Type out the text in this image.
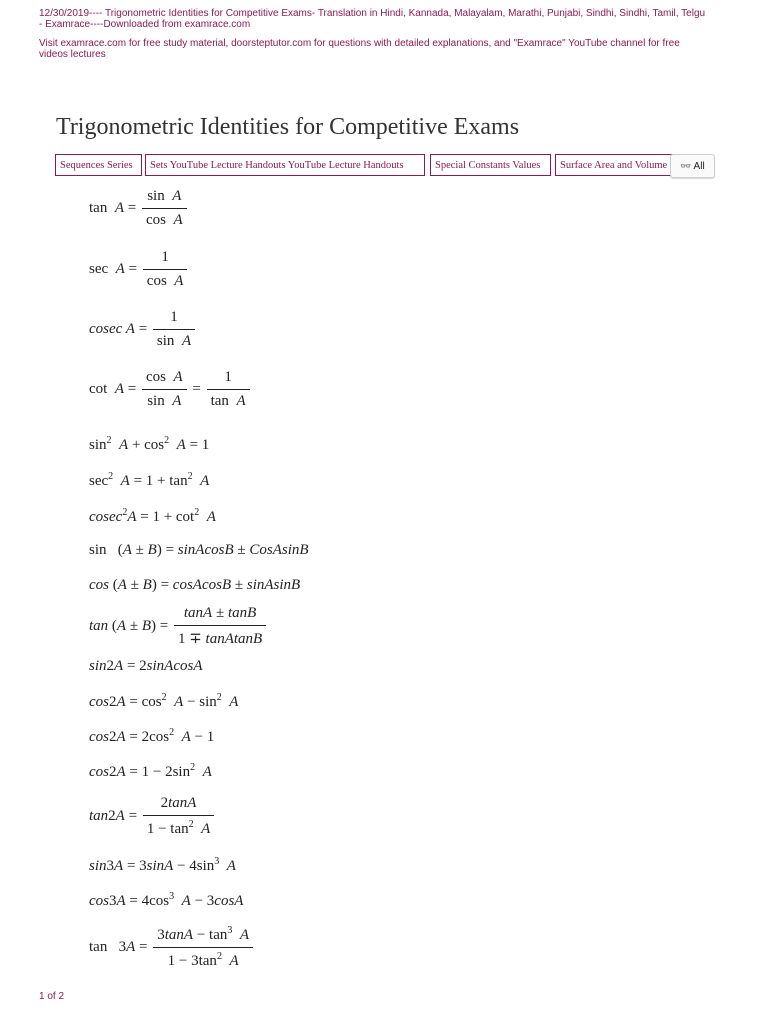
12/30/2019---- Trigonometric Identities for Competitive Exams- Translation in Hindi, Kannada, Malayalam, Marathi, Punjabi, Sindhi, Sindhi, Tamil, Telgu
- Examrace----Downloaded from examrace.com
Visit examrace.com for free study material, doorsteptutor.com for questions with detailed explanations, and "Examrace" YouTube channel for free
videos lectures
Trigonometric Identities for Competitive Exams
Sequences Series	Sets YouTube Lecture Handouts YouTube Lecture Handouts	Special Constants Values	Surface Area and Volume	👓 All
$\tan A = \frac{\text{sin  A}}{\text{cos  A}}$
$\sec A = \frac{1}{\text{cos  A}}$
cosec $A = \frac{1}{\text{sin  A}}$
$\cot A = \frac{\text{cos  A}}{\text{sin  A}} = \frac{1}{\text{tan  A}}$
$\sin^2 A + \cos^2 A = 1$
$\sec^2 A = 1 + \tan^2 A$
$cosec^2A = 1 + \cot^2 A$
sin   (A ± B) = sinAcosB ± CosAsinB
cos (A ± B) = cosAcosB ± sinAsinB
$\tan (A \pm B) = \frac{\tan A \pm \tan B}{\text{1 ∓ tanAtanB}}$
sin2A = 2sinAcosA
$\cos 2A = \cos^2 A - \sin^2 A$
$\cos 2A = 2\cos^2$ A − 1
$\cos 2A = 1 - 2\sin^2$ A
$\tan 2A = \frac{2\tan A}{1 - \tan^2 A}$
$\sin 3A = 3\sin A - 4\sin^3$ A
$\cos 3A = 4\cos^3$ A − 3cosA
$\tan 3A = \frac{3\tan A - \tan^3 A}{1 - 3\tan^2 A}$
1 of 2
